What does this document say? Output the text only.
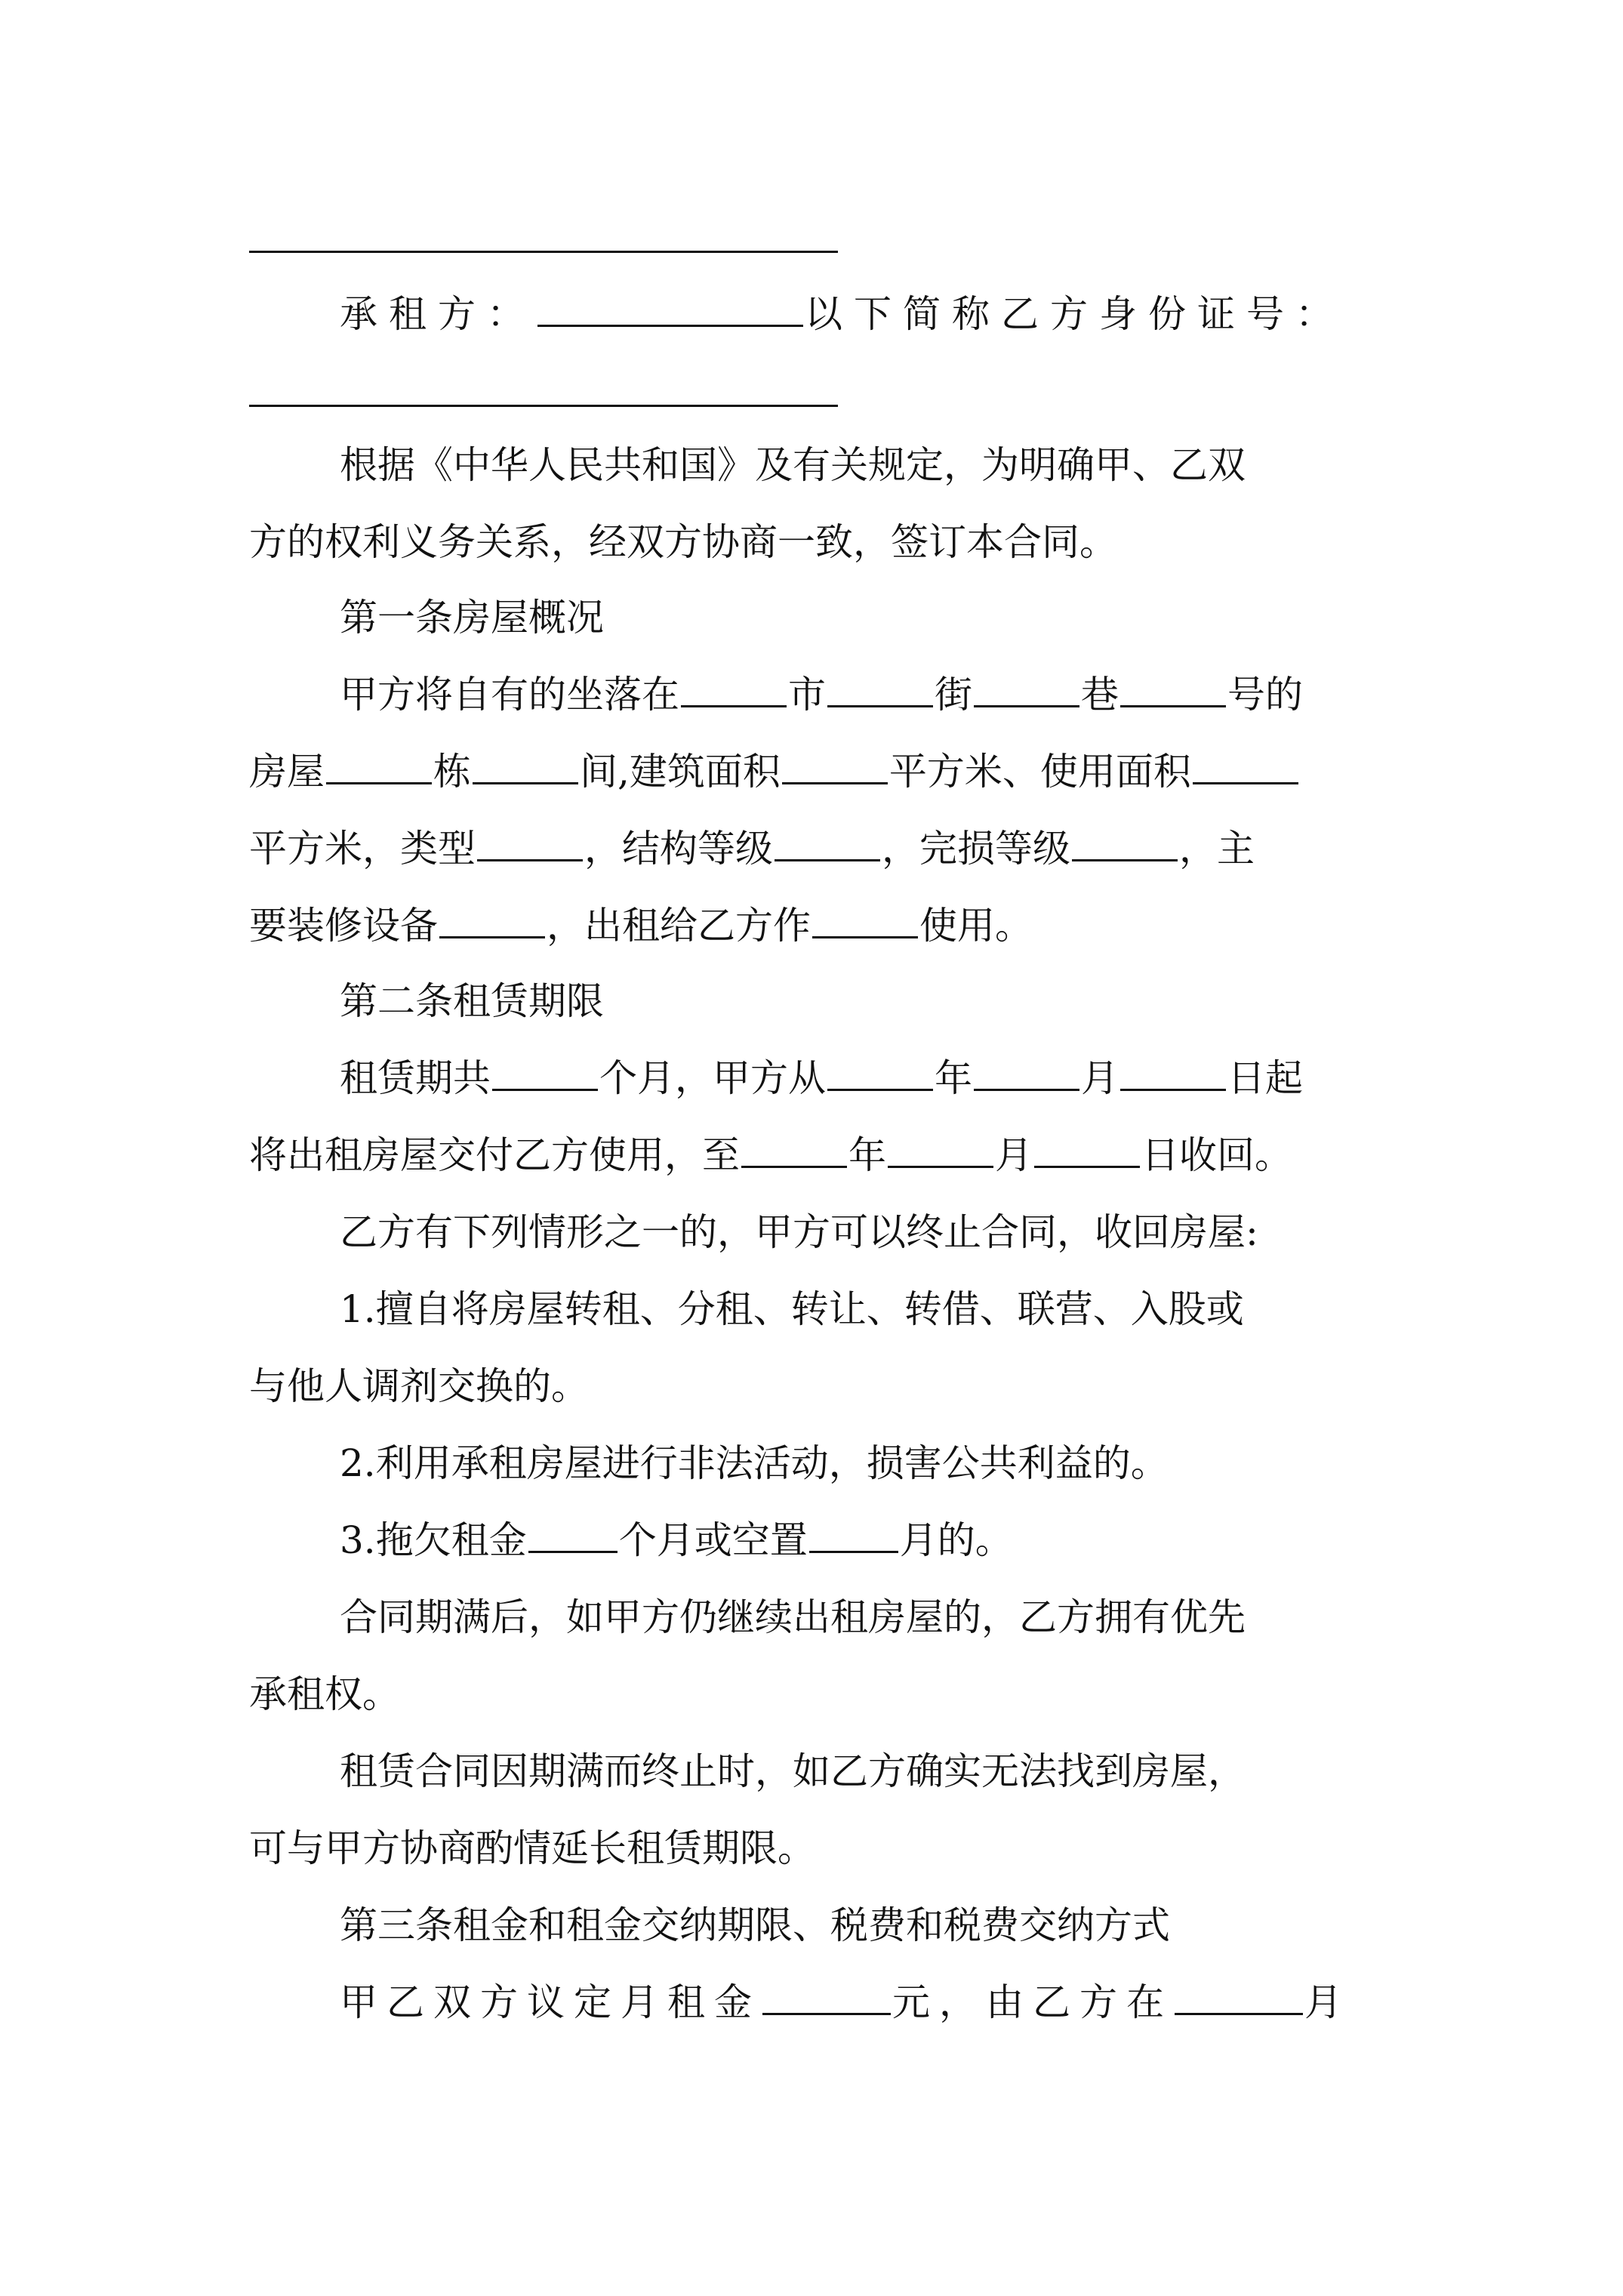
承租方：	以下简称乙方身份证号：
根据《中华人民共和国》及有关规定，为明确甲、乙双
方的权利义务关系，经双方协商一致，签订本合同。
第一条房屋概况
甲方将自有的坐落在	市	街	巷	号的
房屋	栋	间,建筑面积	平方米、使用面积
平方米，类型	，结构等级	，完损等级	，主
要装修设备	，出租给乙方作	使用。
第二条租赁期限
租赁期共	个月，甲方从	年	月	日起
将出租房屋交付乙方使用，至	年	月	日收回。
乙方有下列情形之一的，甲方可以终止合同，收回房屋:
1.擅自将房屋转租、分租、转让、转借、联营、入股或
与他人调剂交换的。
2.利用承租房屋进行非法活动，损害公共利益的。
3.拖欠租金 个月或空置 月的。
合同期满后，如甲方仍继续出租房屋的，乙方拥有优先
承租权。
租赁合同因期满而终止时，如乙方确实无法找到房屋，
可与甲方协商酌情延长租赁期限。
第三条租金和租金交纳期限、税费和税费交纳方式
甲乙双方议定月租金	元，由乙方在	月
